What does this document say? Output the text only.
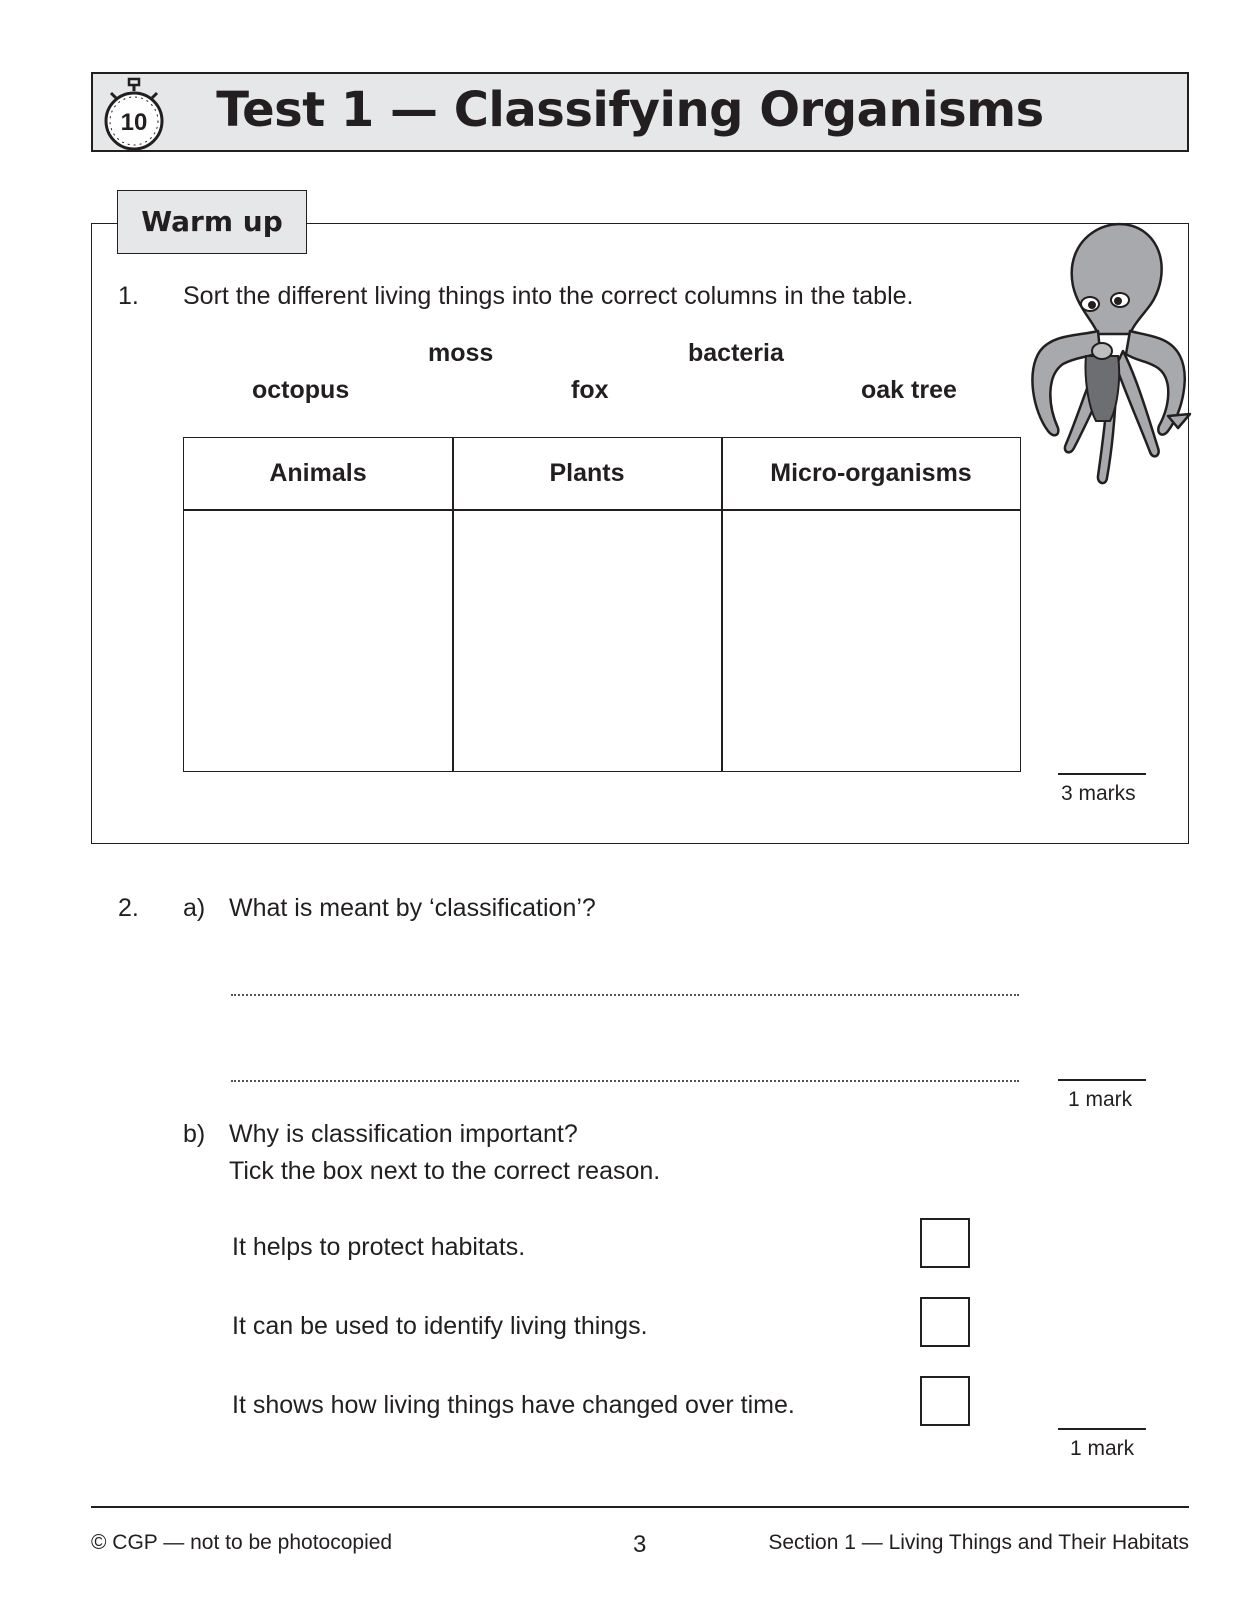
10	Test 1 — Classifying Organisms
Warm up
1. Sort the different living things into the correct columns in the table.
moss	bacteria
octopus	fox	oak tree
Animals	Plants	Micro-organisms
3 marks
2. a) What is meant by ‘classification’?
1 mark
b) Why is classification important?
Tick the box next to the correct reason.
It helps to protect habitats.
It can be used to identify living things.
It shows how living things have changed over time.
1 mark
© CGP — not to be photocopied	3	Section 1 — Living Things and Their Habitats
